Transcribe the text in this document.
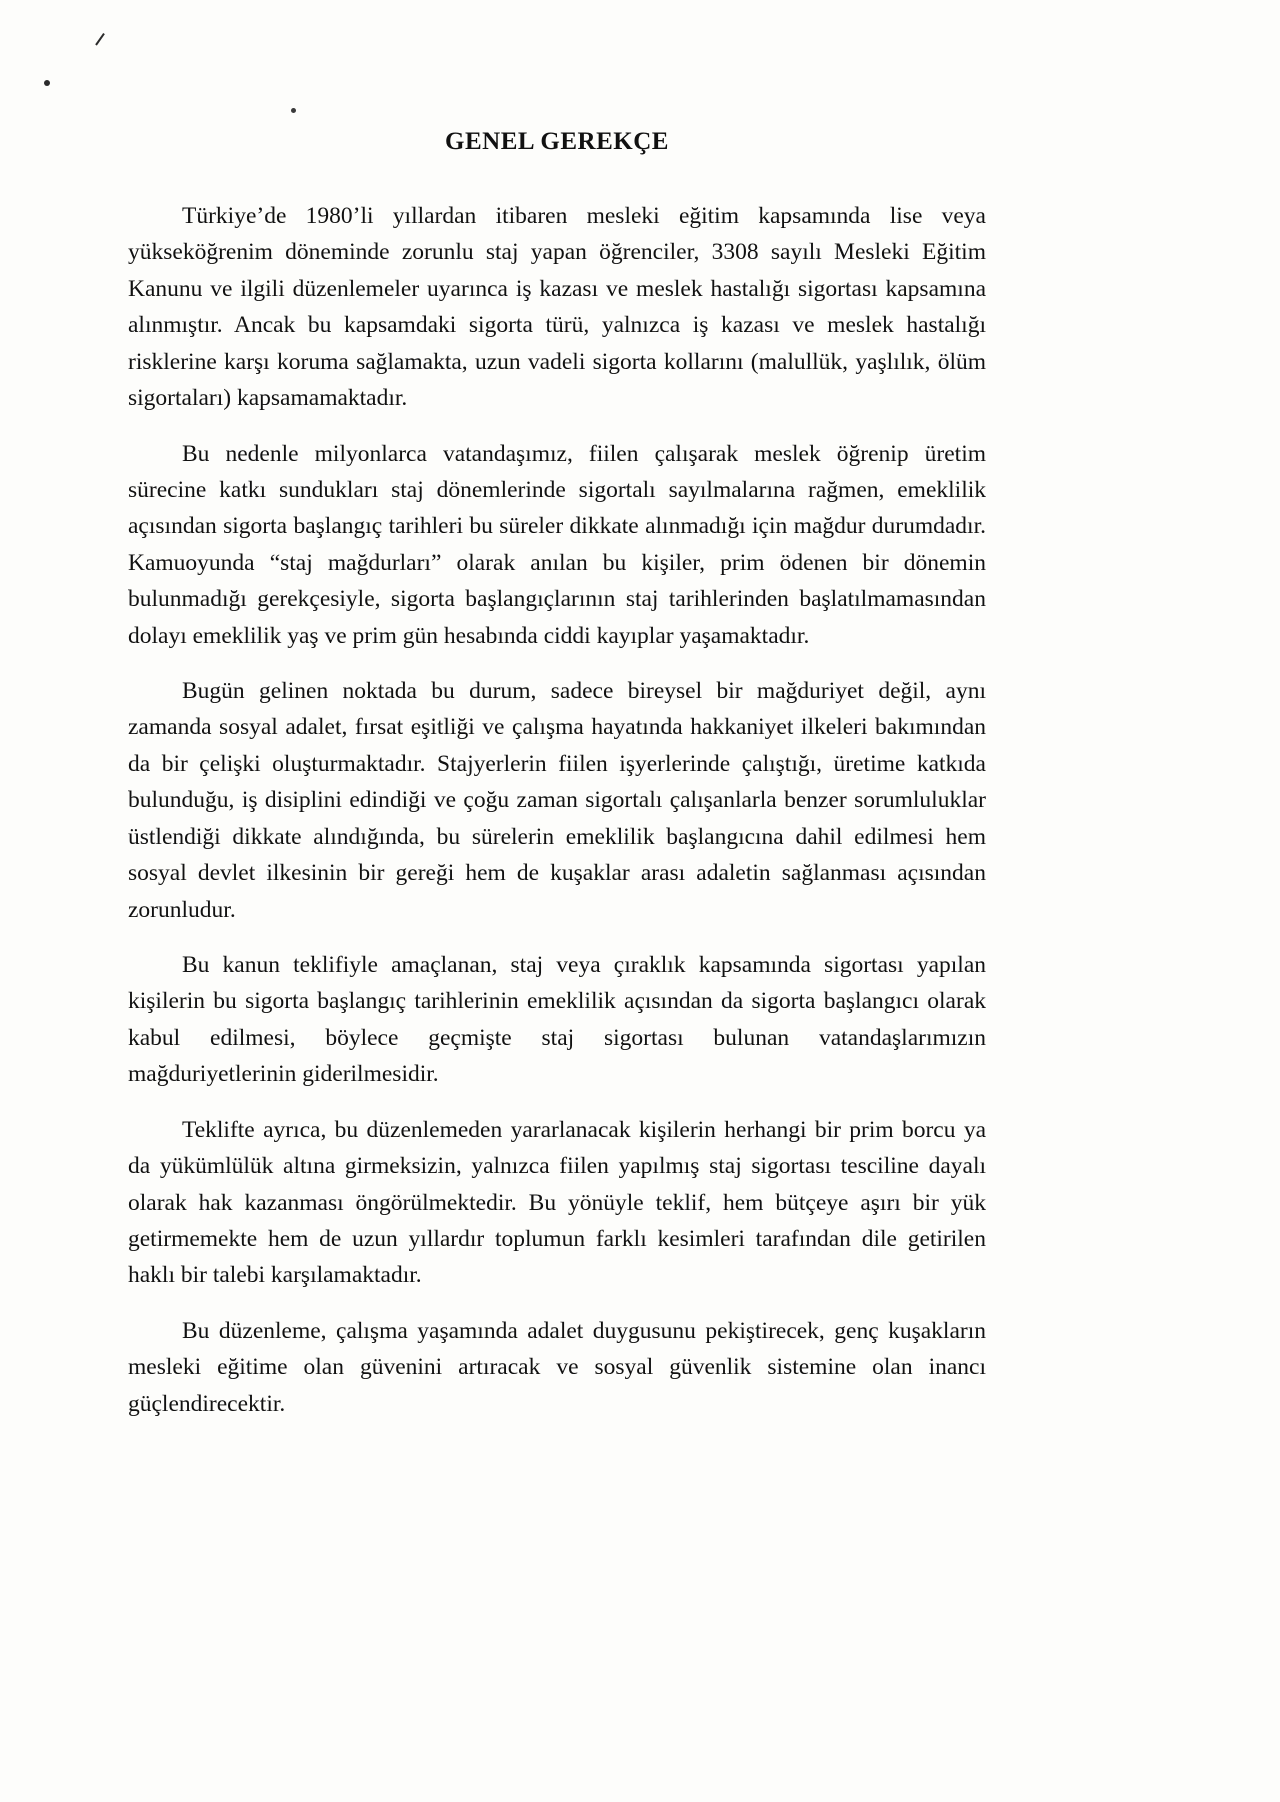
GENEL GEREKÇE

Türkiye’de 1980’li yıllardan itibaren mesleki eğitim kapsamında lise veya yükseköğrenim döneminde zorunlu staj yapan öğrenciler, 3308 sayılı Mesleki Eğitim Kanunu ve ilgili düzenlemeler uyarınca iş kazası ve meslek hastalığı sigortası kapsamına alınmıştır. Ancak bu kapsamdaki sigorta türü, yalnızca iş kazası ve meslek hastalığı risklerine karşı koruma sağlamakta, uzun vadeli sigorta kollarını (malullük, yaşlılık, ölüm sigortaları) kapsamamaktadır.

Bu nedenle milyonlarca vatandaşımız, fiilen çalışarak meslek öğrenip üretim sürecine katkı sundukları staj dönemlerinde sigortalı sayılmalarına rağmen, emeklilik açısından sigorta başlangıç tarihleri bu süreler dikkate alınmadığı için mağdur durumdadır. Kamuoyunda “staj mağdurları” olarak anılan bu kişiler, prim ödenen bir dönemin bulunmadığı gerekçesiyle, sigorta başlangıçlarının staj tarihlerinden başlatılmamasından dolayı emeklilik yaş ve prim gün hesabında ciddi kayıplar yaşamaktadır.

Bugün gelinen noktada bu durum, sadece bireysel bir mağduriyet değil, aynı zamanda sosyal adalet, fırsat eşitliği ve çalışma hayatında hakkaniyet ilkeleri bakımından da bir çelişki oluşturmaktadır. Stajyerlerin fiilen işyerlerinde çalıştığı, üretime katkıda bulunduğu, iş disiplini edindiği ve çoğu zaman sigortalı çalışanlarla benzer sorumluluklar üstlendiği dikkate alındığında, bu sürelerin emeklilik başlangıcına dahil edilmesi hem sosyal devlet ilkesinin bir gereği hem de kuşaklar arası adaletin sağlanması açısından zorunludur.

Bu kanun teklifiyle amaçlanan, staj veya çıraklık kapsamında sigortası yapılan kişilerin bu sigorta başlangıç tarihlerinin emeklilik açısından da sigorta başlangıcı olarak kabul edilmesi, böylece geçmişte staj sigortası bulunan vatandaşlarımızın mağduriyetlerinin giderilmesidir.

Teklifte ayrıca, bu düzenlemeden yararlanacak kişilerin herhangi bir prim borcu ya da yükümlülük altına girmeksizin, yalnızca fiilen yapılmış staj sigortası tesciline dayalı olarak hak kazanması öngörülmektedir. Bu yönüyle teklif, hem bütçeye aşırı bir yük getirmemekte hem de uzun yıllardır toplumun farklı kesimleri tarafından dile getirilen haklı bir talebi karşılamaktadır.

Bu düzenleme, çalışma yaşamında adalet duygusunu pekiştirecek, genç kuşakların mesleki eğitime olan güvenini artıracak ve sosyal güvenlik sistemine olan inancı güçlendirecektir.
